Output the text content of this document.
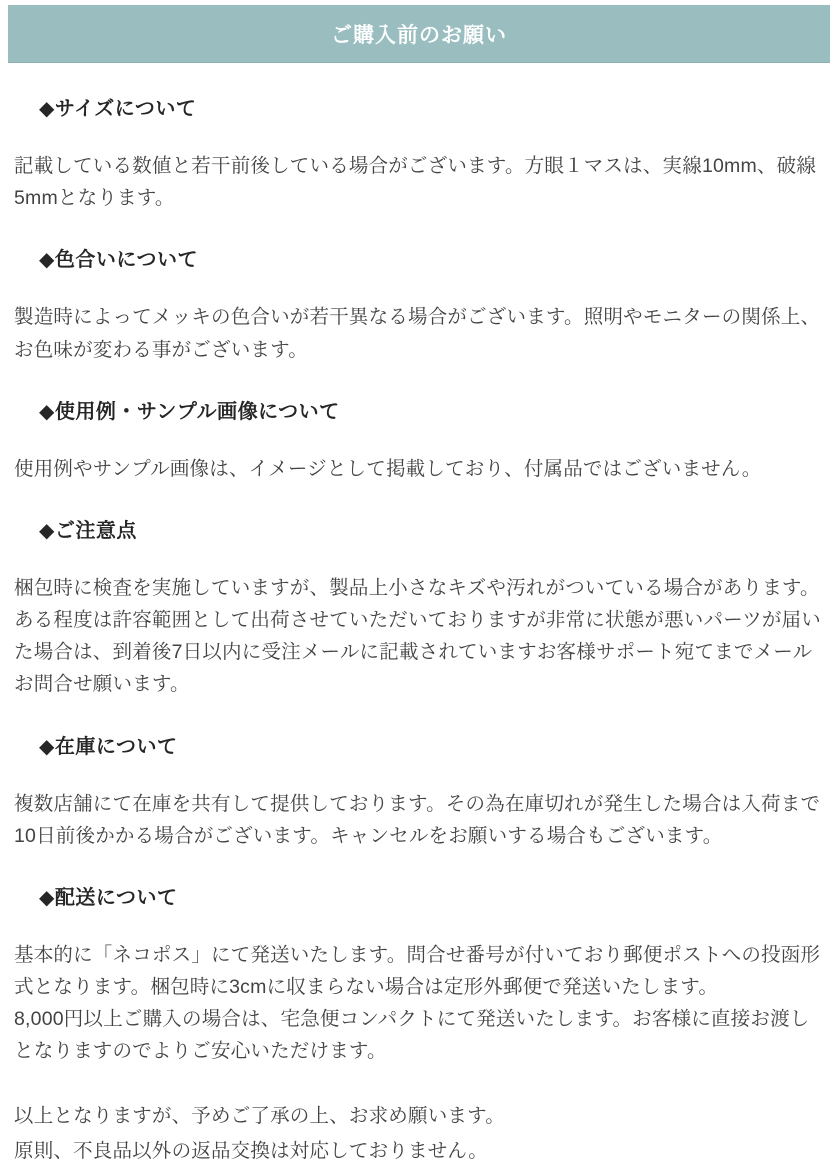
ご購入前のお願い
◆サイズについて
記載している数値と若干前後している場合がございます。方眼１マスは、実線10mm、破線5mmとなります。
◆色合いについて
製造時によってメッキの色合いが若干異なる場合がございます。照明やモニターの関係上、お色味が変わる事がございます。
◆使用例・サンプル画像について
使用例やサンプル画像は、イメージとして掲載しており、付属品ではございません。
◆ご注意点
梱包時に検査を実施していますが、製品上小さなキズや汚れがついている場合があります。ある程度は許容範囲として出荷させていただいておりますが非常に状態が悪いパーツが届いた場合は、到着後7日以内に受注メールに記載されていますお客様サポート宛てまでメールお問合せ願います。
◆在庫について
複数店舗にて在庫を共有して提供しております。その為在庫切れが発生した場合は入荷まで10日前後かかる場合がございます。キャンセルをお願いする場合もございます。
◆配送について
基本的に「ネコポス」にて発送いたします。問合せ番号が付いており郵便ポストへの投函形式となります。梱包時に3cmに収まらない場合は定形外郵便で発送いたします。
8,000円以上ご購入の場合は、宅急便コンパクトにて発送いたします。お客様に直接お渡しとなりますのでよりご安心いただけます。
以上となりますが、予めご了承の上、お求め願います。
原則、不良品以外の返品交換は対応しておりません。
